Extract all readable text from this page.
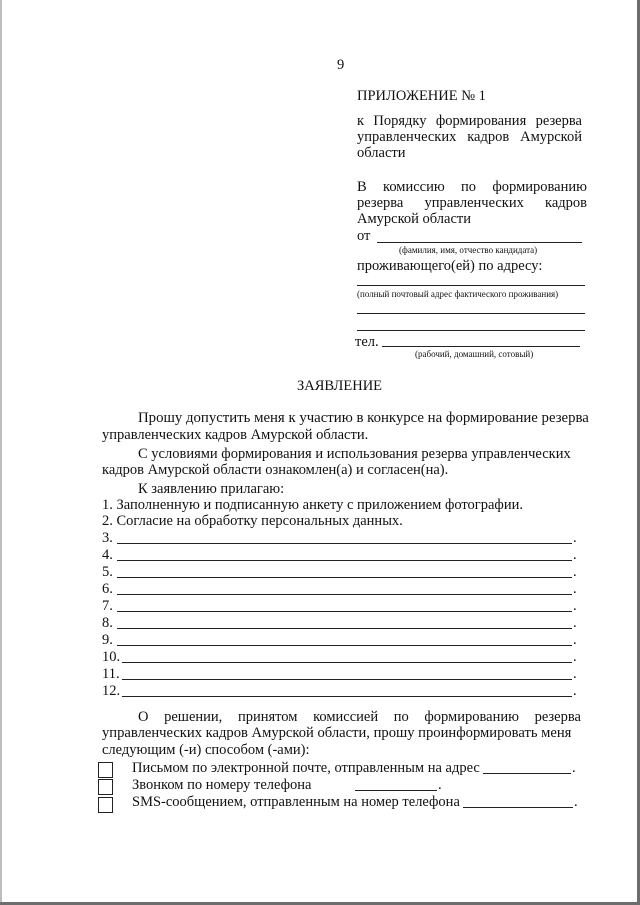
9
ПРИЛОЖЕНИЕ № 1
к Порядку формирования резерва
управленческих кадров Амурской
области
В комиссию по формированию
резерва управленческих кадров
Амурской области
от
(фамилия, имя, отчество кандидата)
проживающего(ей) по адресу:
(полный почтовый адрес фактического проживания)
тел.
(рабочий, домашний, сотовый)
ЗАЯВЛЕНИЕ
Прошу допустить меня к участию в конкурсе на формирование резерва
управленческих кадров Амурской области.
С условиями формирования и использования резерва управленческих
кадров Амурской области ознакомлен(а) и согласен(на).
К заявлению прилагаю:
1. Заполненную и подписанную анкету с приложением фотографии.
2. Согласие на обработку персональных данных.
3.	.
4.	.
5.	.
6.	.
7.	.
8.	.
9.	.
10.	.
11.	.
12.	.
О решении, принятом комиссией по формированию резерва
управленческих кадров Амурской области, прошу проинформировать меня
следующим (-и) способом (-ами):
Письмом по электронной почте, отправленным на адрес	.
Звонком по номеру телефона	.
SMS-сообщением, отправленным на номер телефона	.
